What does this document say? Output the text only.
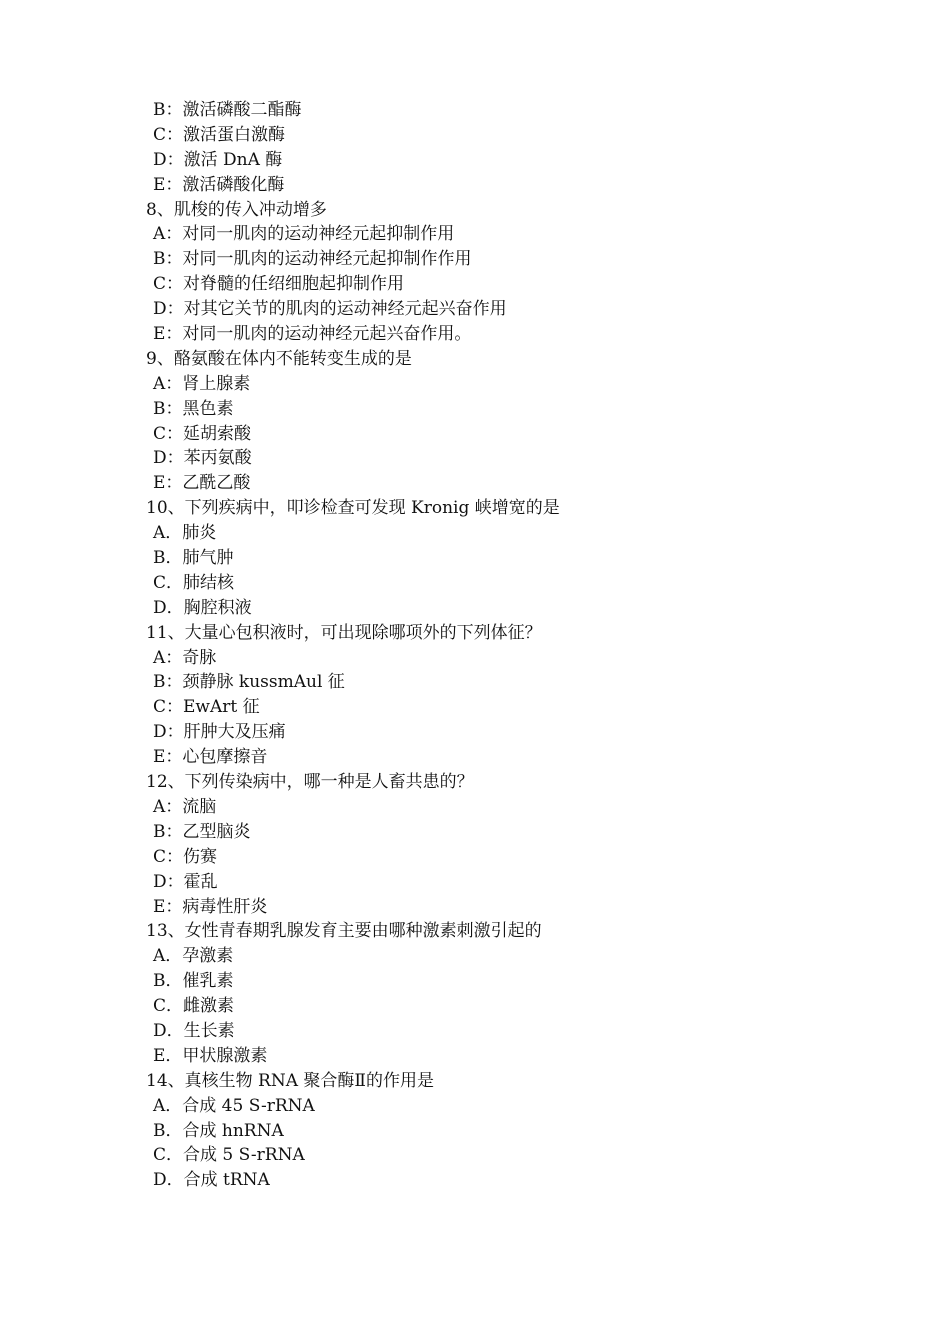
B：激活磷酸二酯酶
C：激活蛋白激酶
D：激活 DnA 酶
E：激活磷酸化酶
8、肌梭的传入冲动增多
A：对同一肌肉的运动神经元起抑制作用
B：对同一肌肉的运动神经元起抑制作作用
C：对脊髓的任绍细胞起抑制作用
D：对其它关节的肌肉的运动神经元起兴奋作用
E：对同一肌肉的运动神经元起兴奋作用。
9、酪氨酸在体内不能转变生成的是
A：肾上腺素
B：黑色素
C：延胡索酸
D：苯丙氨酸
E：乙酰乙酸
10、下列疾病中，叩诊检查可发现 Kronig 峡增宽的是
A．肺炎
B．肺气肿
C．肺结核
D．胸腔积液
11、大量心包积液时，可出现除哪项外的下列体征？
A：奇脉
B：颈静脉 kussmAul 征
C：EwArt 征
D：肝肿大及压痛
E：心包摩擦音
12、下列传染病中，哪一种是人畜共患的？
A：流脑
B：乙型脑炎
C：伤赛
D：霍乱
E：病毒性肝炎
13、女性青春期乳腺发育主要由哪种激素刺激引起的
A．孕激素
B．催乳素
C．雌激素
D．生长素
E．甲状腺激素
14、真核生物 RNA 聚合酶Ⅱ的作用是
A．合成 45 S-rRNA
B．合成 hnRNA
C．合成 5 S-rRNA
D．合成 tRNA
